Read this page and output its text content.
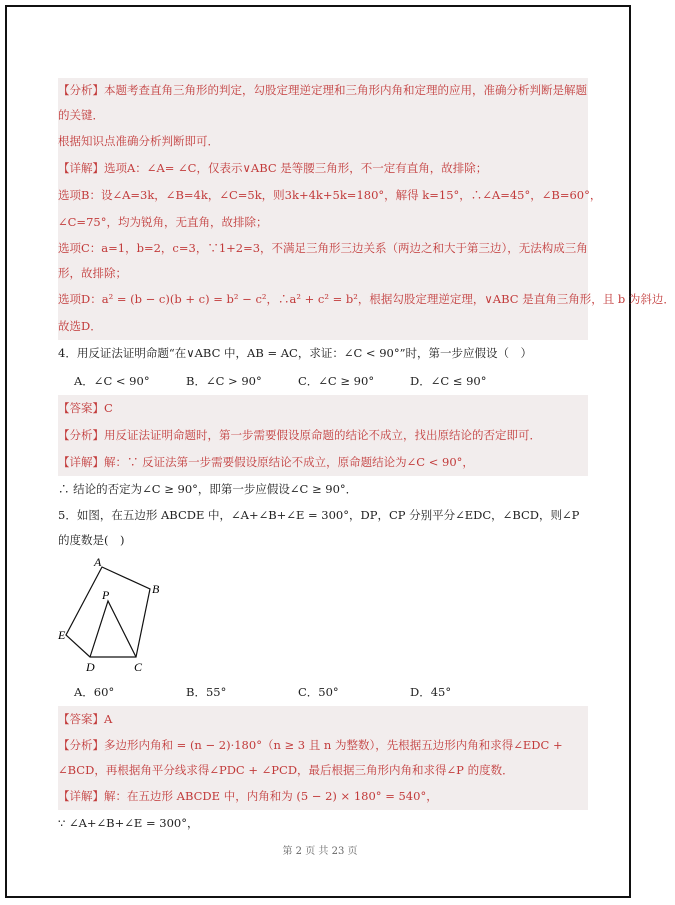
【分析】本题考查直角三角形的判定，勾股定理逆定理和三角形内角和定理的应用，准确分析判断是解题的关键．
根据知识点准确分析判断即可．
【详解】选项A：∠A= ∠C，仅表示∨ABC 是等腰三角形，不一定有直角，故排除；
选项B：设∠A=3k，∠B=4k，∠C=5k，则3k+4k+5k=180°，解得 k=15°，∴∠A=45°，∠B=60°，
∠C=75°，均为锐角，无直角，故排除；
选项C：a=1，b=2，c=3，∵1+2=3，不满足三角形三边关系（两边之和大于第三边），无法构成三角形，故排除；
选项D：a² = (b − c)(b + c) = b² − c²，∴a² + c² = b²，根据勾股定理逆定理，∨ABC 是直角三角形，且 b 为斜边．
故选D．
4．用反证法证明命题“在∨ABC 中，AB = AC，求证：∠C < 90°”时，第一步应假设（　）
A．∠C < 90°	B．∠C > 90°	C．∠C ≥ 90°	D．∠C ≤ 90°
【答案】C
【分析】用反证法证明命题时，第一步需要假设原命题的结论不成立，找出原结论的否定即可．
【详解】解：∵ 反证法第一步需要假设原结论不成立，原命题结论为∠C < 90°，
∴ 结论的否定为∠C ≥ 90°，即第一步应假设∠C ≥ 90°．
5．如图，在五边形 ABCDE 中，∠A+∠B+∠E = 300°，DP，CP 分别平分∠EDC，∠BCD，则∠P 的度数是(　)
A
B
C
D
E
P
A．60°	B．55°	C．50°	D．45°
【答案】A
【分析】多边形内角和 = (n − 2)·180°（n ≥ 3 且 n 为整数），先根据五边形内角和求得∠EDC + ∠BCD，再根据角平分线求得∠PDC + ∠PCD，最后根据三角形内角和求得∠P 的度数．
【详解】解：在五边形 ABCDE 中，内角和为 (5 − 2) × 180° = 540°，
∵ ∠A+∠B+∠E = 300°，
第 2 页 共 23 页
